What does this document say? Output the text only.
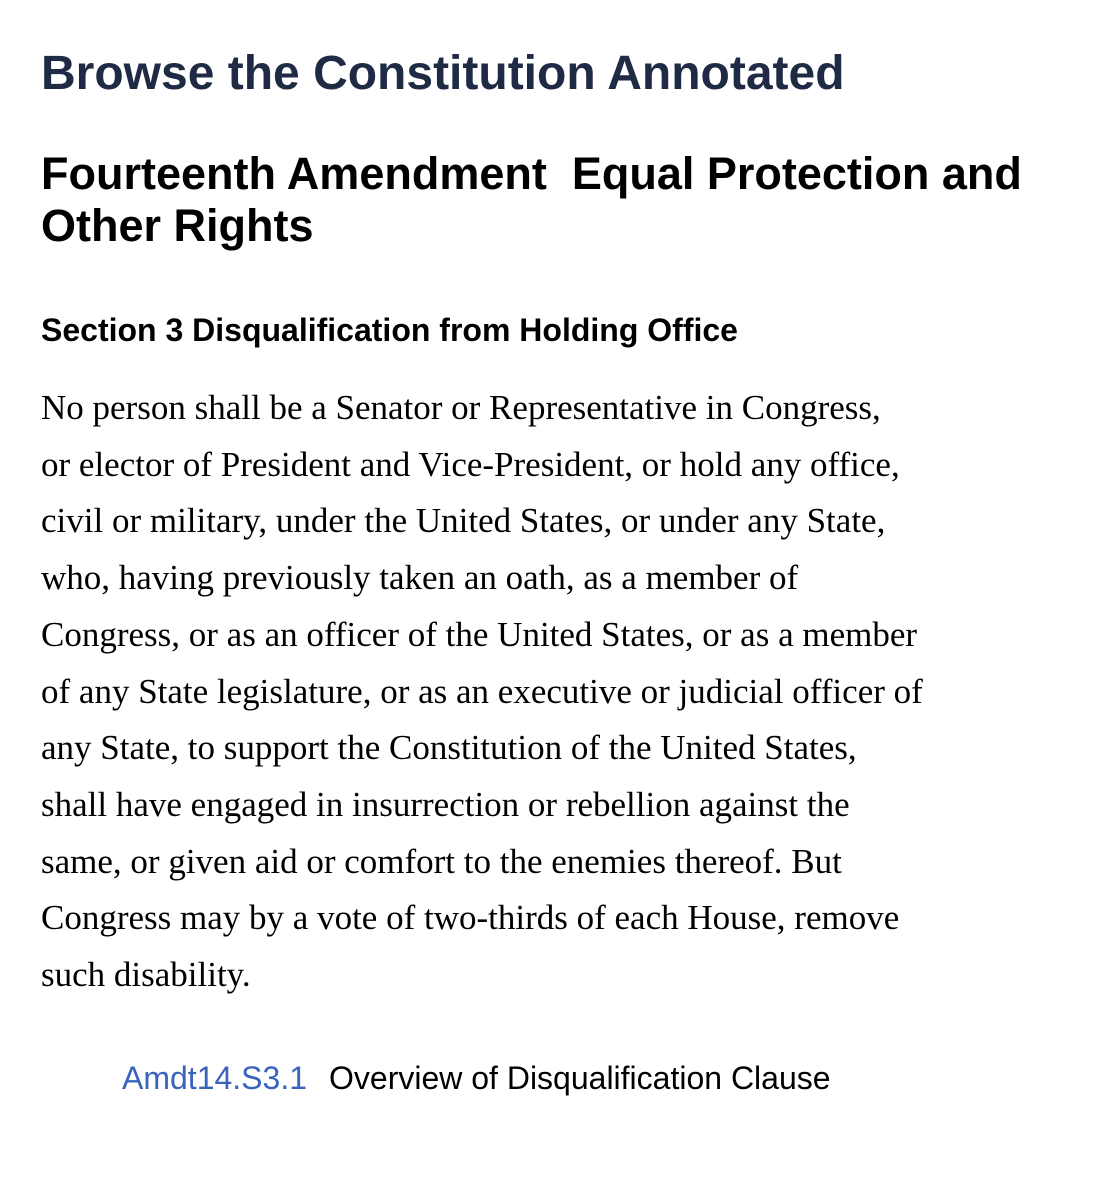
Browse the Constitution Annotated
Fourteenth Amendment  Equal Protection and Other Rights
Section 3 Disqualification from Holding Office

No person shall be a Senator or Representative in Congress,
or elector of President and Vice-President, or hold any office,
civil or military, under the United States, or under any State,
who, having previously taken an oath, as a member of
Congress, or as an officer of the United States, or as a member
of any State legislature, or as an executive or judicial officer of
any State, to support the Constitution of the United States,
shall have engaged in insurrection or rebellion against the
same, or given aid or comfort to the enemies thereof. But
Congress may by a vote of two-thirds of each House, remove
such disability.

Amdt14.S3.1 Overview of Disqualification Clause
